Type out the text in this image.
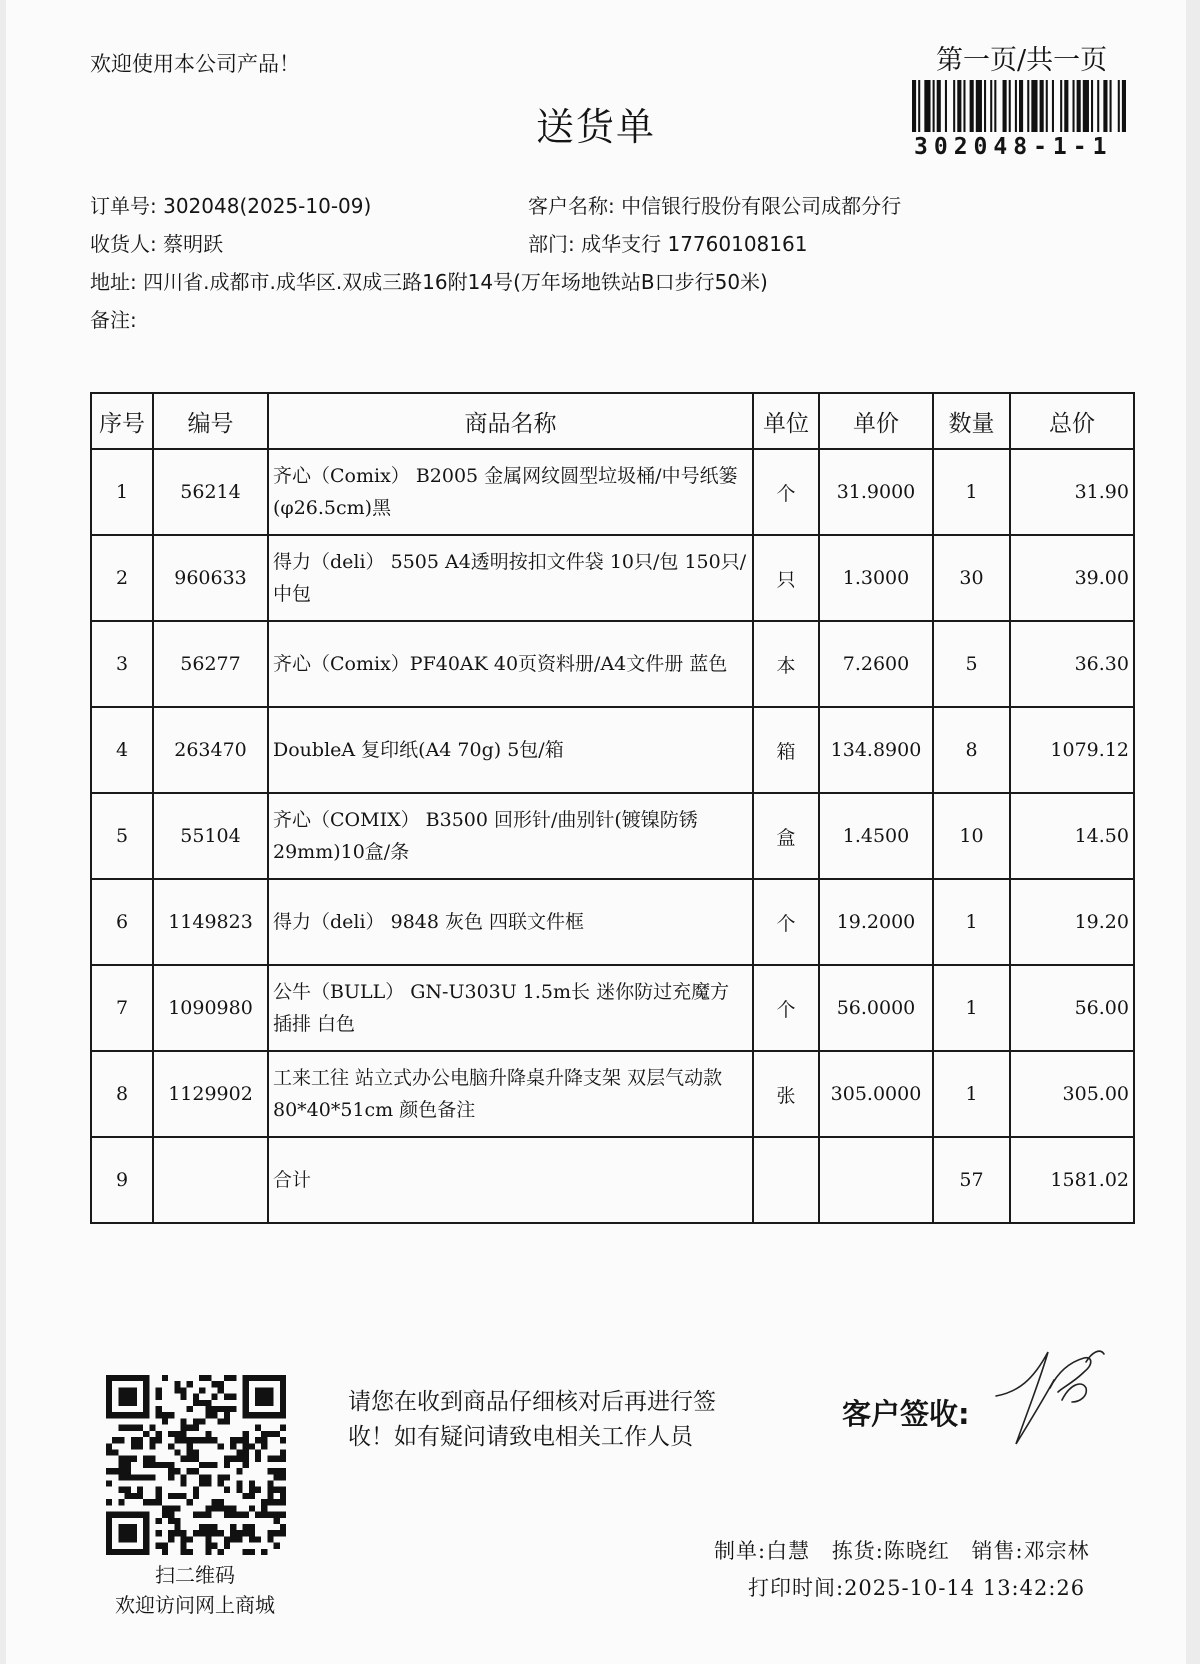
欢迎使用本公司产品！
送货单
第一页/共一页
302048-1-1
订单号: 302048(2025-10-09)	客户名称: 中信银行股份有限公司成都分行
收货人: 蔡明跃	部门: 成华支行 17760108161
地址: 四川省.成都市.成华区.双成三路16附14号(万年场地铁站B口步行50米)
备注:
序号	编号	商品名称	单位	单价	数量	总价
1	56214	齐心（Comix） B2005 金属网纹圆型垃圾桶/中号纸篓(φ26.5cm)黑	个	31.9000	1	31.90
2	960633	得力（deli） 5505 A4透明按扣文件袋 10只/包 150只/中包	只	1.3000	30	39.00
3	56277	齐心（Comix）PF40AK 40页资料册/A4文件册 蓝色	本	7.2600	5	36.30
4	263470	DoubleA 复印纸(A4 70g) 5包/箱	箱	134.8900	8	1079.12
5	55104	齐心（COMIX） B3500 回形针/曲别针(镀镍防锈29mm)10盒/条	盒	1.4500	10	14.50
6	1149823	得力（deli） 9848 灰色 四联文件框	个	19.2000	1	19.20
7	1090980	公牛（BULL） GN-U303U 1.5m长 迷你防过充魔方插排 白色	个	56.0000	1	56.00
8	1129902	工来工往 站立式办公电脑升降桌升降支架 双层气动款80*40*51cm 颜色备注	张	305.0000	1	305.00
9		合计			57	1581.02
扫二维码
欢迎访问网上商城
请您在收到商品仔细核对后再进行签
收！如有疑问请致电相关工作人员
客户签收:
制单:白慧 拣货:陈晓红 销售:邓宗林
打印时间:2025-10-14 13:42:26
